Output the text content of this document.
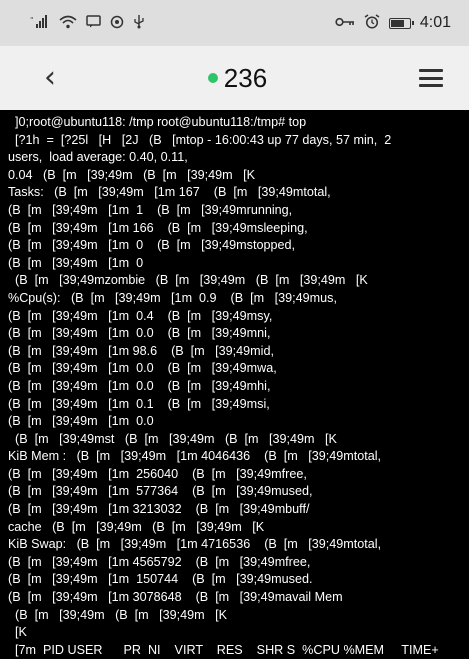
“	4:01
‹	236
]0;root@ubuntu118: /tmp root@ubuntu118:/tmp# top
[?1h  =  [?25l   [H   [2J   (B   [mtop - 16:00:43 up 77 days, 57 min,  2
users,  load average: 0.40, 0.11,
0.04   (B  [m   [39;49m   (B  [m   [39;49m   [K
Tasks:   (B  [m   [39;49m   [1m 167    (B  [m   [39;49mtotal,
(B  [m   [39;49m   [1m  1    (B  [m   [39;49mrunning,
(B  [m   [39;49m   [1m 166    (B  [m   [39;49msleeping,
(B  [m   [39;49m   [1m  0    (B  [m   [39;49mstopped,
(B  [m   [39;49m   [1m  0
(B  [m   [39;49mzombie   (B  [m   [39;49m   (B  [m   [39;49m   [K
%Cpu(s):   (B  [m   [39;49m   [1m  0.9    (B  [m   [39;49mus,
(B  [m   [39;49m   [1m  0.4    (B  [m   [39;49msy,
(B  [m   [39;49m   [1m  0.0    (B  [m   [39;49mni,
(B  [m   [39;49m   [1m 98.6    (B  [m   [39;49mid,
(B  [m   [39;49m   [1m  0.0    (B  [m   [39;49mwa,
(B  [m   [39;49m   [1m  0.0    (B  [m   [39;49mhi,
(B  [m   [39;49m   [1m  0.1    (B  [m   [39;49msi,
(B  [m   [39;49m   [1m  0.0
(B  [m   [39;49mst   (B  [m   [39;49m   (B  [m   [39;49m   [K
KiB Mem :   (B  [m   [39;49m   [1m 4046436    (B  [m   [39;49mtotal,
(B  [m   [39;49m   [1m  256040    (B  [m   [39;49mfree,
(B  [m   [39;49m   [1m  577364    (B  [m   [39;49mused,
(B  [m   [39;49m   [1m 3213032    (B  [m   [39;49mbuff/
cache   (B  [m   [39;49m   (B  [m   [39;49m   [K
KiB Swap:   (B  [m   [39;49m   [1m 4716536    (B  [m   [39;49mtotal,
(B  [m   [39;49m   [1m 4565792    (B  [m   [39;49mfree,
(B  [m   [39;49m   [1m  150744    (B  [m   [39;49mused.
(B  [m   [39;49m   [1m 3078648    (B  [m   [39;49mavail Mem
(B  [m   [39;49m   (B  [m   [39;49m   [K
[K
[7m  PID USER      PR  NI    VIRT    RES    SHR S  %CPU %MEM     TIME+
